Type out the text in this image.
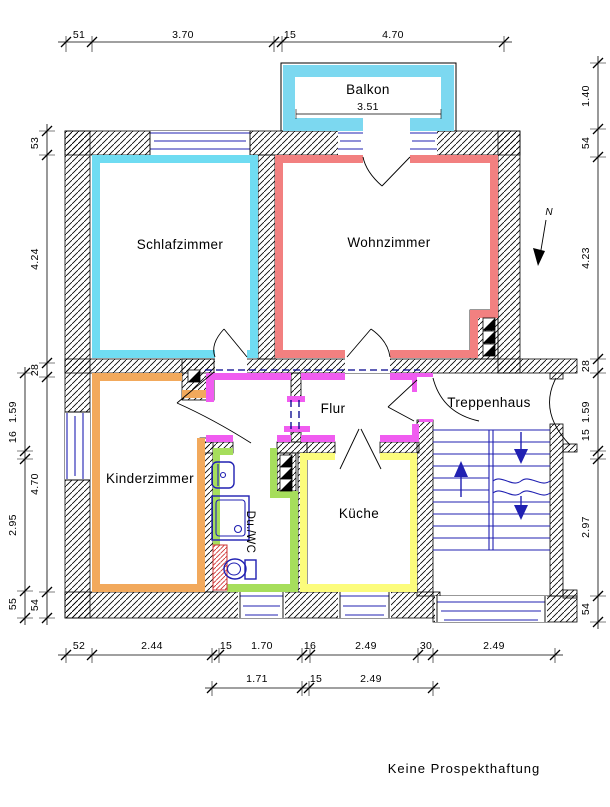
N
51	3.70	15	4.70
53
4.24
28
4.70
54
1.59
16
2.95
55
1.40
54
4.23
28
1.59
15
2.97
54
52	2.44	15 1.70	16	2.49	30	2.49
1.71	15	2.49
3.51
Balkon
Schlafzimmer	Wohnzimmer
Kinderzimmer
Flur	Treppenhaus
Küche
Du./WC
Keine Prospekthaftung
